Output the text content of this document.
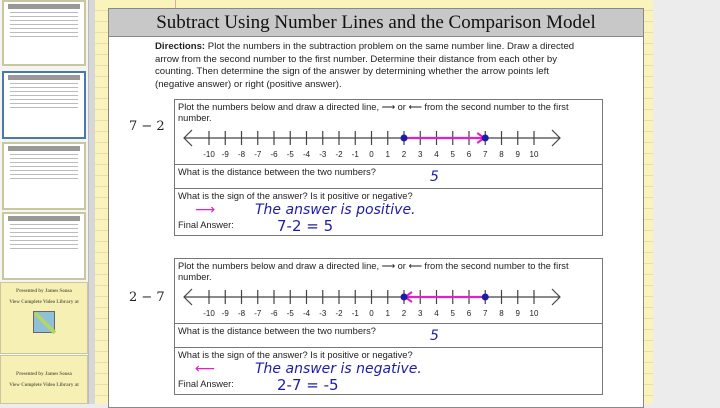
Presented by James Sousa

View Complete Video Library at

Presented by James Sousa

View Complete Video Library at

Subtract Using Number Lines and the Comparison Model
Directions: Plot the numbers in the subtraction problem on the same number line. Draw a directed arrow from the second number to the first number. Determine their distance from each other by counting. Then determine the sign of the answer by determining whether the arrow points left (negative answer) or right (positive answer).
7 − 2
Plot the numbers below and draw a directed line, ⟶ or ⟵ from the second number to the first number.
-10 -9 -8 -7 -6 -5 -4 -3 -2 -1 0 1 2 3 4 5 6 7 8 9 10
What is the distance between the two numbers?	5
What is the sign of the answer? Is it positive or negative?
⟶	The answer is positive.
Final Answer:	7-2 = 5
2 − 7
Plot the numbers below and draw a directed line, ⟶ or ⟵ from the second number to the first number.
-10 -9 -8 -7 -6 -5 -4 -3 -2 -1 0 1 2 3 4 5 6 7 8 9 10
What is the distance between the two numbers?	5
What is the sign of the answer? Is it positive or negative?
⟵	The answer is negative.
Final Answer:	2-7 = -5
